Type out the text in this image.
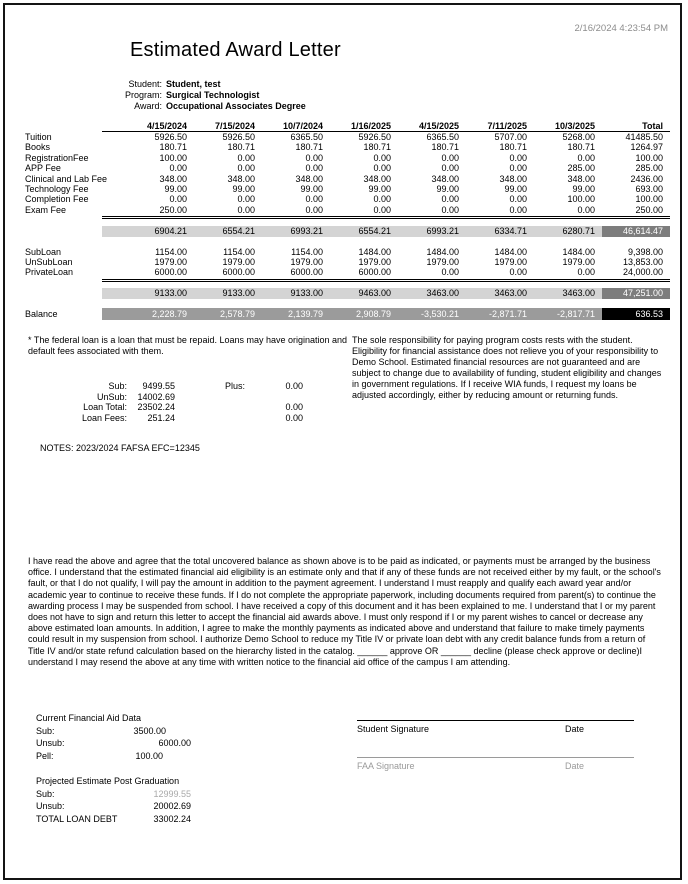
2/16/2024 4:23:54 PM
Estimated Award Letter
Student: Student, test
Program: Surgical Technologist
Award: Occupational Associates Degree
4/15/2024	7/15/2024	10/7/2024	1/16/2025	4/15/2025	7/11/2025	10/3/2025	Total
Tuition	5926.50	5926.50	6365.50	5926.50	6365.50	5707.00	5268.00	41485.50
Books	180.71	180.71	180.71	180.71	180.71	180.71	180.71	1264.97
RegistrationFee	100.00	0.00	0.00	0.00	0.00	0.00	0.00	100.00
APP Fee	0.00	0.00	0.00	0.00	0.00	0.00	285.00	285.00
Clinical and Lab Fee	348.00	348.00	348.00	348.00	348.00	348.00	348.00	2436.00
Technology Fee	99.00	99.00	99.00	99.00	99.00	99.00	99.00	693.00
Completion Fee	0.00	0.00	0.00	0.00	0.00	0.00	100.00	100.00
Exam Fee	250.00	0.00	0.00	0.00	0.00	0.00	0.00	250.00
6904.21	6554.21	6993.21	6554.21	6993.21	6334.71	6280.71	46,614.47
SubLoan	1154.00	1154.00	1154.00	1484.00	1484.00	1484.00	1484.00	9,398.00
UnSubLoan	1979.00	1979.00	1979.00	1979.00	1979.00	1979.00	1979.00	13,853.00
PrivateLoan	6000.00	6000.00	6000.00	6000.00	0.00	0.00	0.00	24,000.00
9133.00	9133.00	9133.00	9463.00	3463.00	3463.00	3463.00	47,251.00
Balance	2,228.79	2,578.79	2,139.79	2,908.79	-3,530.21	-2,871.71	-2,817.71	636.53
* The federal loan is a loan that must be repaid. Loans may have origination and default fees associated with them.
The sole responsibility for paying program costs rests with the student. Eligibility for financial assistance does not relieve you of your responsibility to Demo School. Estimated financial resources are not guaranteed and are subject to change due to availability of funding, student eligibility and changes in government regulations. If I receive WIA funds, I request my loans be adjusted accordingly, either by reducing amount or returning funds.
Sub:	9499.55	Plus:	0.00
UnSub:	14002.69
Loan Total:	23502.24	0.00
Loan Fees:	251.24	0.00
NOTES: 2023/2024 FAFSA EFC=12345
I have read the above and agree that the total uncovered balance as shown above is to be paid as indicated, or payments must be arranged by the business office. I understand that the estimated financial aid eligibility is an estimate only and that if any of these funds are not received either by my fault, or the school's fault, or that I do not qualify, I will pay the amount in addition to the payment agreement. I understand I must reapply and qualify each award year and/or academic year to continue to receive these funds. If I do not complete the appropriate paperwork, including documents required from parent(s) to continue the awarding process I may be suspended from school. I have received a copy of this document and it has been explained to me. I understand that I or my parent does not have to sign and return this letter to accept the financial aid awards above. I must only respond if I or my parent wishes to cancel or decrease any above estimated loan amounts. In addition, I agree to make the monthly payments as indicated above and understand that failure to make timely payments could result in my suspension from school. I authorize Demo School to reduce my Title IV or private loan debt with any credit balance funds from a return of Title IV and/or state refund calculation based on the hierarchy listed in the catalog. ______ approve OR ______ decline (please check approve or decline)I understand I may resend the above at any time with written notice to the financial aid office of the campus I am attending.
Current Financial Aid Data
Sub:	3500.00
Unsub:	6000.00
Pell:	100.00
Projected Estimate Post Graduation
Sub:	12999.55
Unsub:	20002.69
TOTAL LOAN DEBT	33002.24
Student Signature	Date
FAA Signature	Date
